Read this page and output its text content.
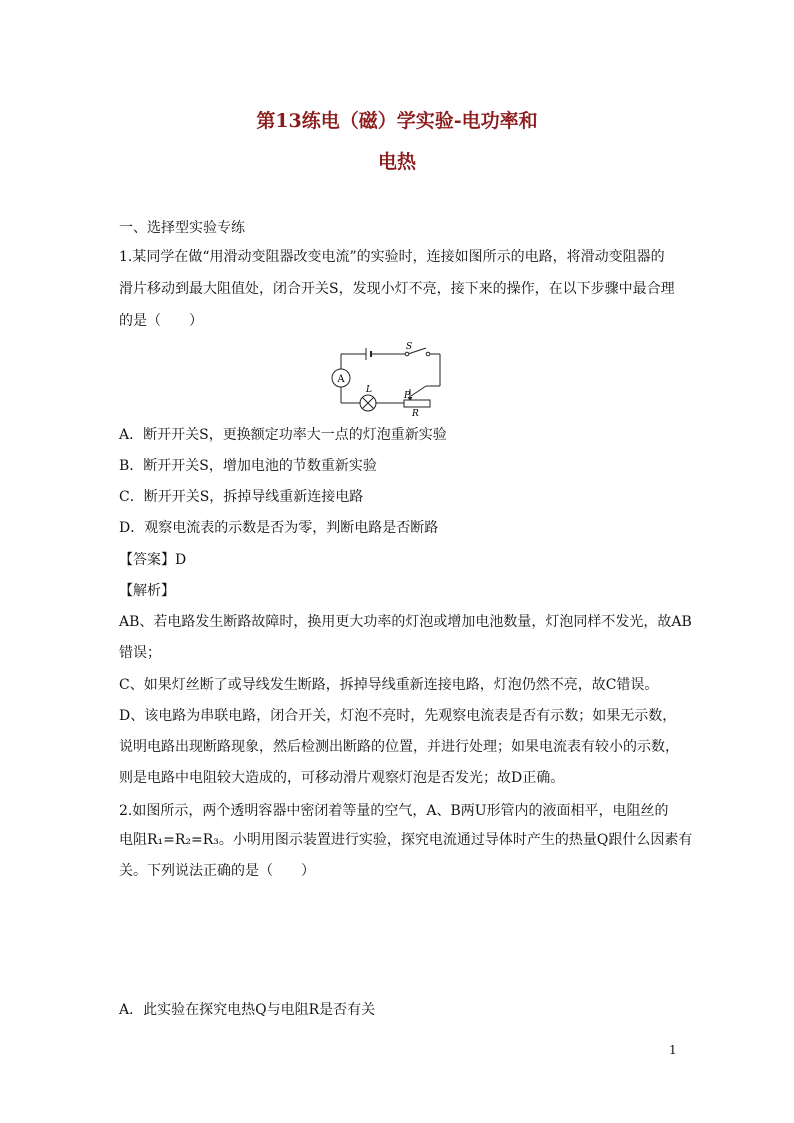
第13练电（磁）学实验-电功率和
电热
一、选择型实验专练
1.某同学在做“用滑动变阻器改变电流”的实验时，连接如图所示的电路，将滑动变阻器的
滑片移动到最大阻值处，闭合开关S，发现小灯不亮，接下来的操作，在以下步骤中最合理
的是（　　）
A
S
L
P
R
A．断开开关S，更换额定功率大一点的灯泡重新实验
B．断开开关S，增加电池的节数重新实验
C．断开开关S，拆掉导线重新连接电路
D．观察电流表的示数是否为零，判断电路是否断路
【答案】D
【解析】
AB、若电路发生断路故障时，换用更大功率的灯泡或增加电池数量，灯泡同样不发光，故AB
错误；
C、如果灯丝断了或导线发生断路，拆掉导线重新连接电路，灯泡仍然不亮，故C错误。
D、该电路为串联电路，闭合开关，灯泡不亮时，先观察电流表是否有示数；如果无示数，
说明电路出现断路现象，然后检测出断路的位置，并进行处理；如果电流表有较小的示数，
则是电路中电阻较大造成的，可移动滑片观察灯泡是否发光；故D正确。
2.如图所示，两个透明容器中密闭着等量的空气，A、B两U形管内的液面相平，电阻丝的
电阻R₁=R₂=R₃。小明用图示装置进行实验，探究电流通过导体时产生的热量Q跟什么因素有
关。下列说法正确的是（　　）
A．此实验在探究电热Q与电阻R是否有关
1
